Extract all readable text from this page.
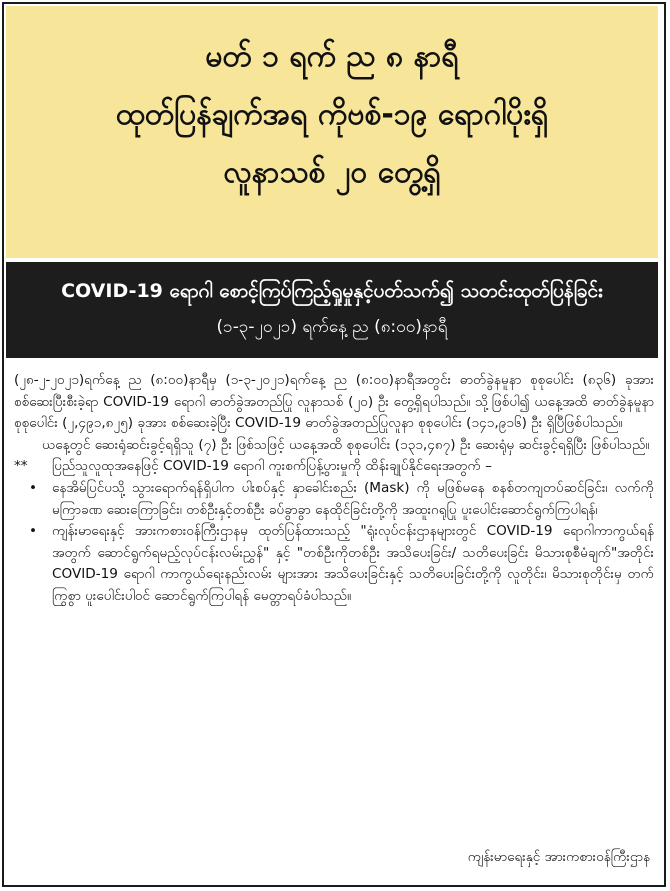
မတ် ၁ ရက် ည ၈ နာရီ
ထုတ်ပြန်ချက်အရ ကိုဗစ်-၁၉ ရောဂါပိုးရှိ
လူနာသစ် ၂၀ တွေ့ရှိ
COVID-19 ရောဂါ စောင့်ကြပ်ကြည့်ရှုမှုနှင့်ပတ်သက်၍ သတင်းထုတ်ပြန်ခြင်း
(၁-၃-၂၀၂၁) ရက်နေ့ ည (၈:၀၀)နာရီ

(၂၈-၂-၂၀၂၁)ရက်နေ့ ည (၈:၀၀)နာရီမှ (၁-၃-၂၀၂၁)ရက်နေ့ ည (၈:၀၀)နာရီအတွင်း ဓာတ်ခွဲနမူနာ စုစုပေါင်း (၈၃၆) ခုအား စစ်ဆေးပြီးစီးခဲ့ရာ COVID-19 ရောဂါ ဓာတ်ခွဲအတည်ပြု လူနာသစ် (၂၀) ဦး တွေ့ရှိရပါသည်။ သို့ဖြစ်ပါ၍ ယနေ့အထိ ဓာတ်ခွဲနမူနာ စုစုပေါင်း (၂,၄၉၁,၈၂၅) ခုအား စစ်ဆေးခဲ့ပြီး COVID-19 ဓာတ်ခွဲအတည်ပြုလူနာ စုစုပေါင်း (၁၄၁,၉၁၆) ဦး ရှိပြီဖြစ်ပါသည်။

ယနေ့တွင် ဆေးရုံဆင်းခွင့်ရရှိသူ (၇) ဦး ဖြစ်သဖြင့် ယနေ့အထိ စုစုပေါင်း (၁၃၁,၄၈၇) ဦး ဆေးရုံမှ ဆင်းခွင့်ရရှိပြီး ဖြစ်ပါသည်။

**	ပြည်သူလူထုအနေဖြင့် COVID-19 ရောဂါ ကူးစက်ပြန့်ပွားမှုကို ထိန်းချုပ်နိုင်ရေးအတွက် –
•	နေအိမ်ပြင်ပသို့ သွားရောက်ရန်ရှိပါက ပါးစပ်နှင့် နှာခေါင်းစည်း (Mask) ကို မဖြစ်မနေ စနစ်တကျတပ်ဆင်ခြင်း၊ လက်ကို မကြာခဏ ဆေးကြောခြင်း၊ တစ်ဦးနှင့်တစ်ဦး ခပ်ခွာခွာ နေထိုင်ခြင်းတို့ကို အထူးဂရုပြု ပူးပေါင်းဆောင်ရွက်ကြပါရန်၊
•	ကျန်းမာရေးနှင့် အားကစားဝန်ကြီးဌာနမှ ထုတ်ပြန်ထားသည့် "ရုံးလုပ်ငန်းဌာနများတွင် COVID-19 ရောဂါကာကွယ်ရန်အတွက် ဆောင်ရွက်ရမည့်လုပ်ငန်းလမ်းညွှန်" နှင့် "တစ်ဦးကိုတစ်ဦး အသိပေးခြင်း/ သတိပေးခြင်း မိသားစုစီမံချက်"အတိုင်း COVID-19 ရောဂါ ကာကွယ်ရေးနည်းလမ်း များအား အသိပေးခြင်းနှင့် သတိပေးခြင်းတို့ကို လူတိုင်း၊ မိသားစုတိုင်းမှ တက်ကြွစွာ ပူးပေါင်းပါဝင် ဆောင်ရွက်ကြပါရန် မေတ္တာရပ်ခံပါသည်။
ကျန်းမာရေးနှင့် အားကစားဝန်ကြီးဌာန
